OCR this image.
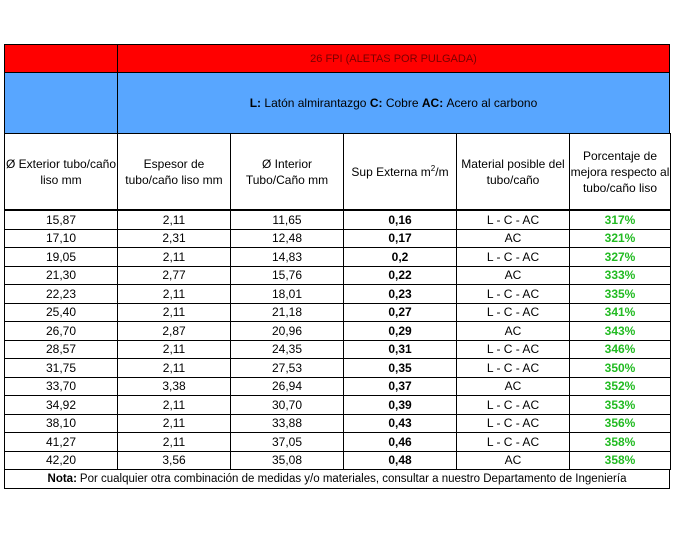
26 FPI (ALETAS POR PULGADA)
L:
Latón almirantazgo
C:
Cobre
AC:
Acero al carbono
Ø Exterior tubo/caño liso mm	Espesor de tubo/caño liso mm	Ø Interior Tubo/Caño mm	Sup Externa $m^2/m$	Material posible del tubo/caño	Porcentaje de mejora respecto al tubo/caño liso
15,87	2,11	11,65	0,16	L - C - AC	317%
17,10	2,31	12,48	0,17	AC	321%
19,05	2,11	14,83	0,2	L - C - AC	327%
21,30	2,77	15,76	0,22	AC	333%
22,23	2,11	18,01	0,23	L - C - AC	335%
25,40	2,11	21,18	0,27	L - C - AC	341%
26,70	2,87	20,96	0,29	AC	343%
28,57	2,11	24,35	0,31	L - C - AC	346%
31,75	2,11	27,53	0,35	L - C - AC	350%
33,70	3,38	26,94	0,37	AC	352%
34,92	2,11	30,70	0,39	L - C - AC	353%
38,10	2,11	33,88	0,43	L - C - AC	356%
41,27	2,11	37,05	0,46	L - C - AC	358%
42,20	3,56	35,08	0,48	AC	358%
Nota: Por cualquier otra combinación de medidas y/o materiales, consultar a nuestro Departamento de Ingeniería
